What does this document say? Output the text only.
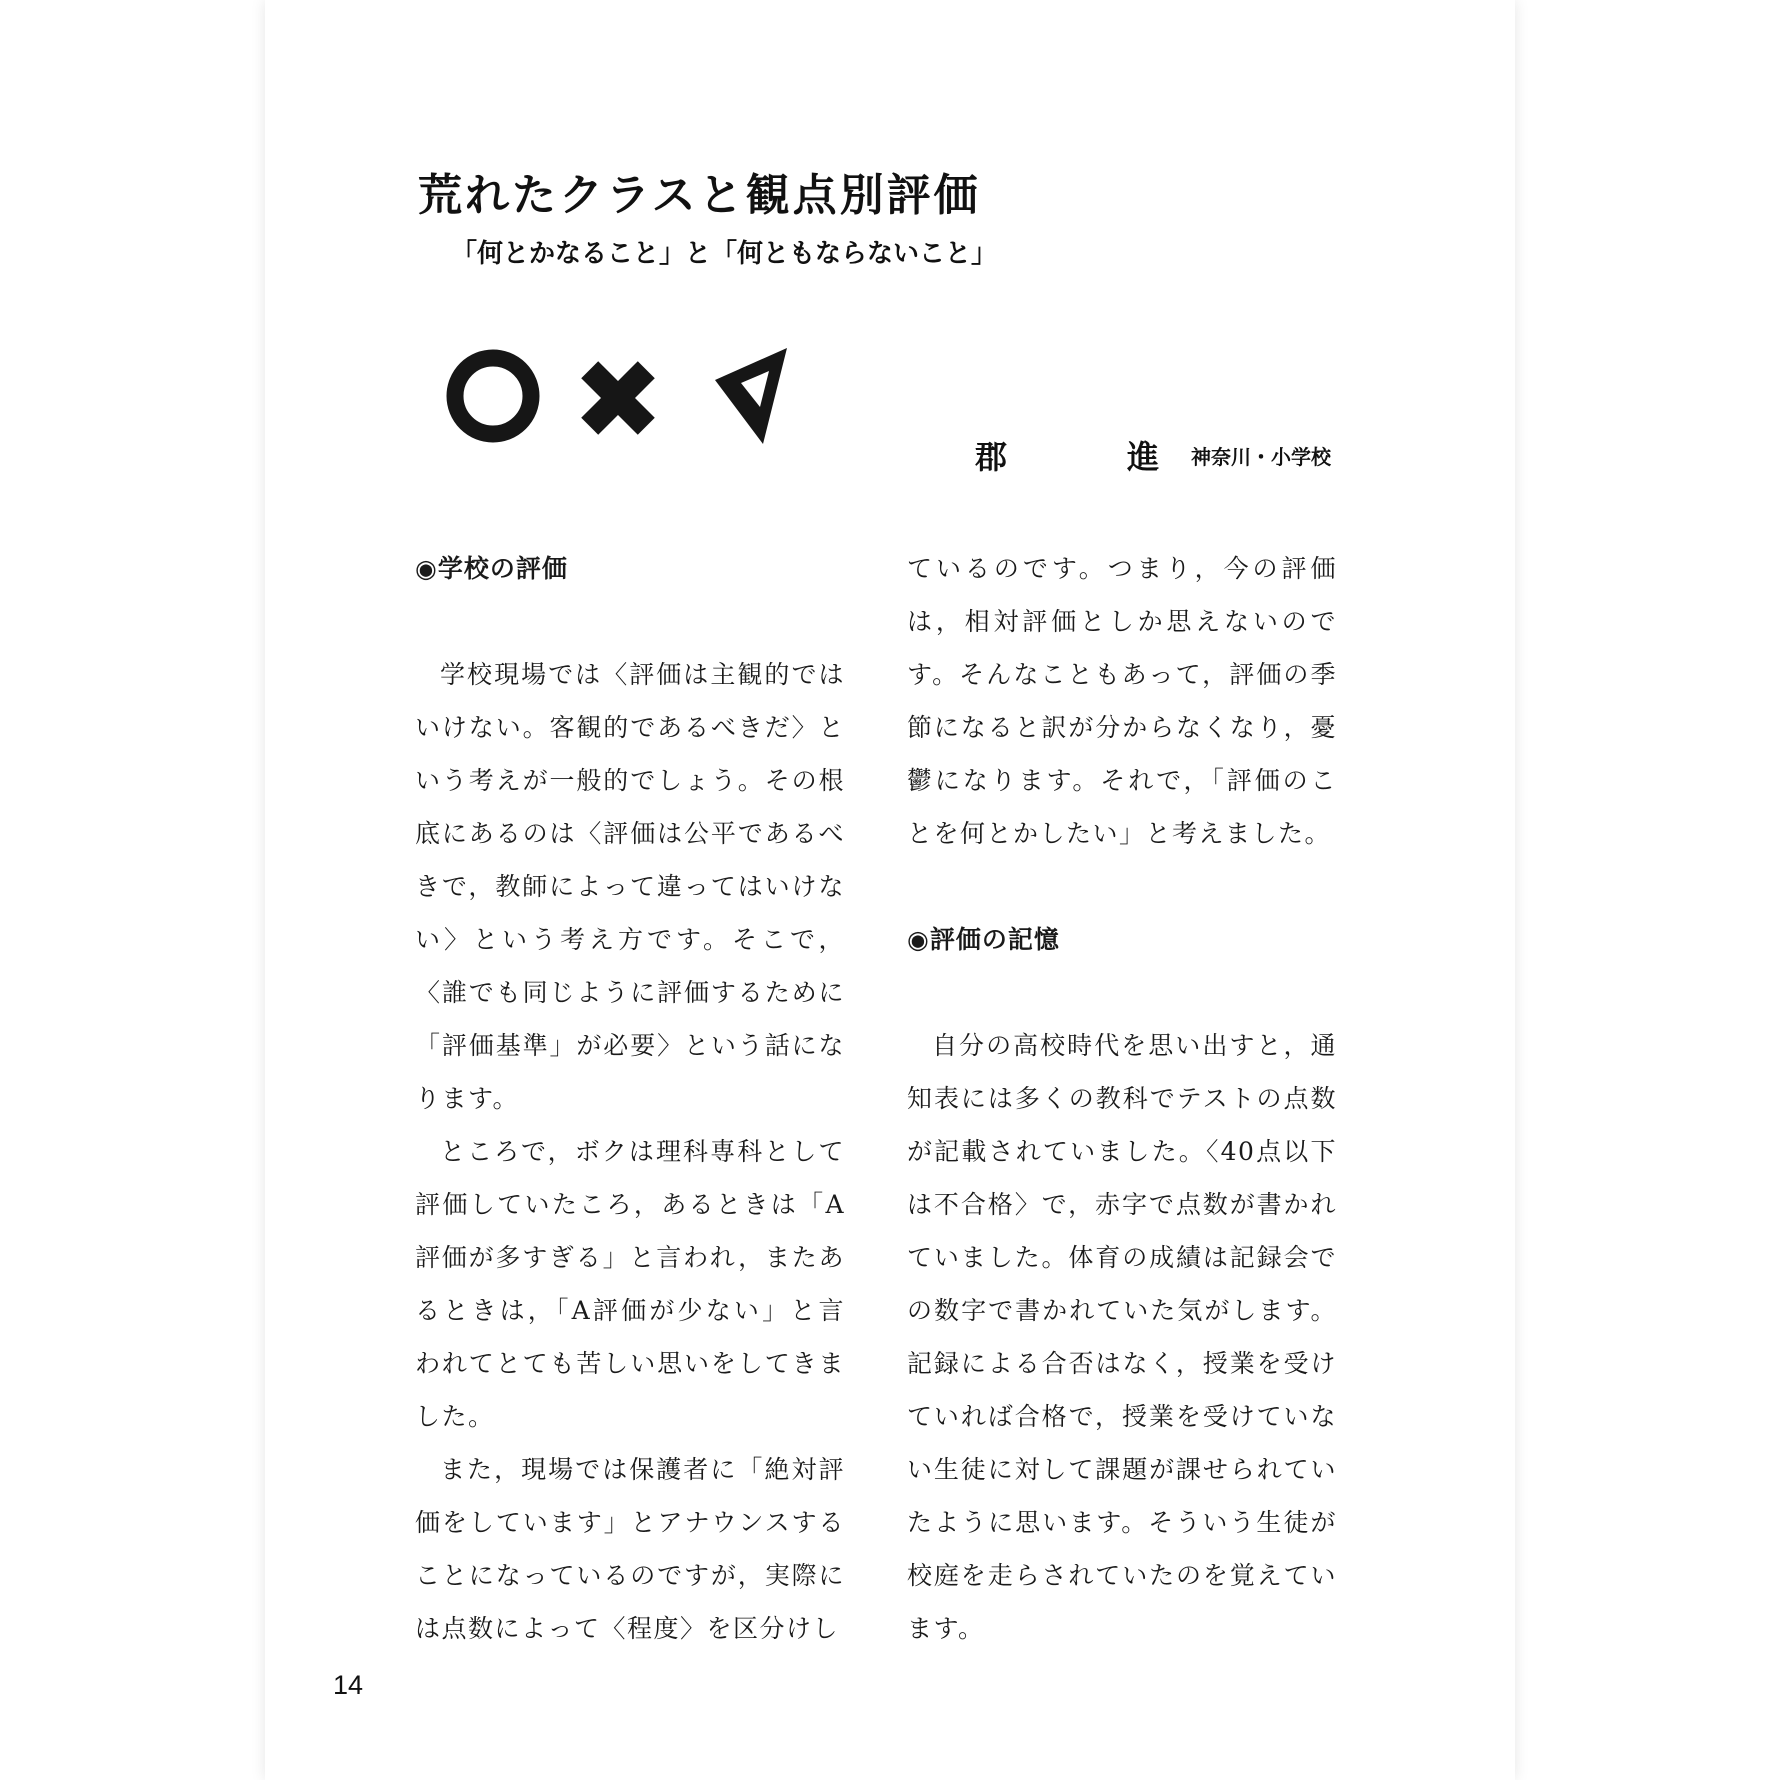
荒れたクラスと観点別評価
「何とかなること」と「何ともならないこと」
郡　進神奈川・小学校
◉学校の評価

学校現場では〈評価は主観的ではいけない。客観的であるべきだ〉という考えが一般的でしょう。その根底にあるのは〈評価は公平であるべきで，教師によって違ってはいけない〉という考え方です。そこで，〈誰でも同じように評価するために「評価基準」が必要〉という話になります。

ところで，ボクは理科専科として評価していたころ，あるときは「A評価が多すぎる」と言われ，またあるときは，「A評価が少ない」と言われてとても苦しい思いをしてきました。

また，現場では保護者に「絶対評価をしています」とアナウンスすることになっているのですが，実際には点数によって〈程度〉を区分けし

ているのです。つまり，今の評価は，相対評価としか思えないのです。そんなこともあって，評価の季節になると訳が分からなくなり，憂鬱になります。それで，「評価のことを何とかしたい」と考えました。

◉評価の記憶

自分の高校時代を思い出すと，通知表には多くの教科でテストの点数が記載されていました。〈40点以下は不合格〉で，赤字で点数が書かれていました。体育の成績は記録会での数字で書かれていた気がします。記録による合否はなく，授業を受けていれば合格で，授業を受けていない生徒に対して課題が課せられていたように思います。そういう生徒が校庭を走らされていたのを覚えています。

14
